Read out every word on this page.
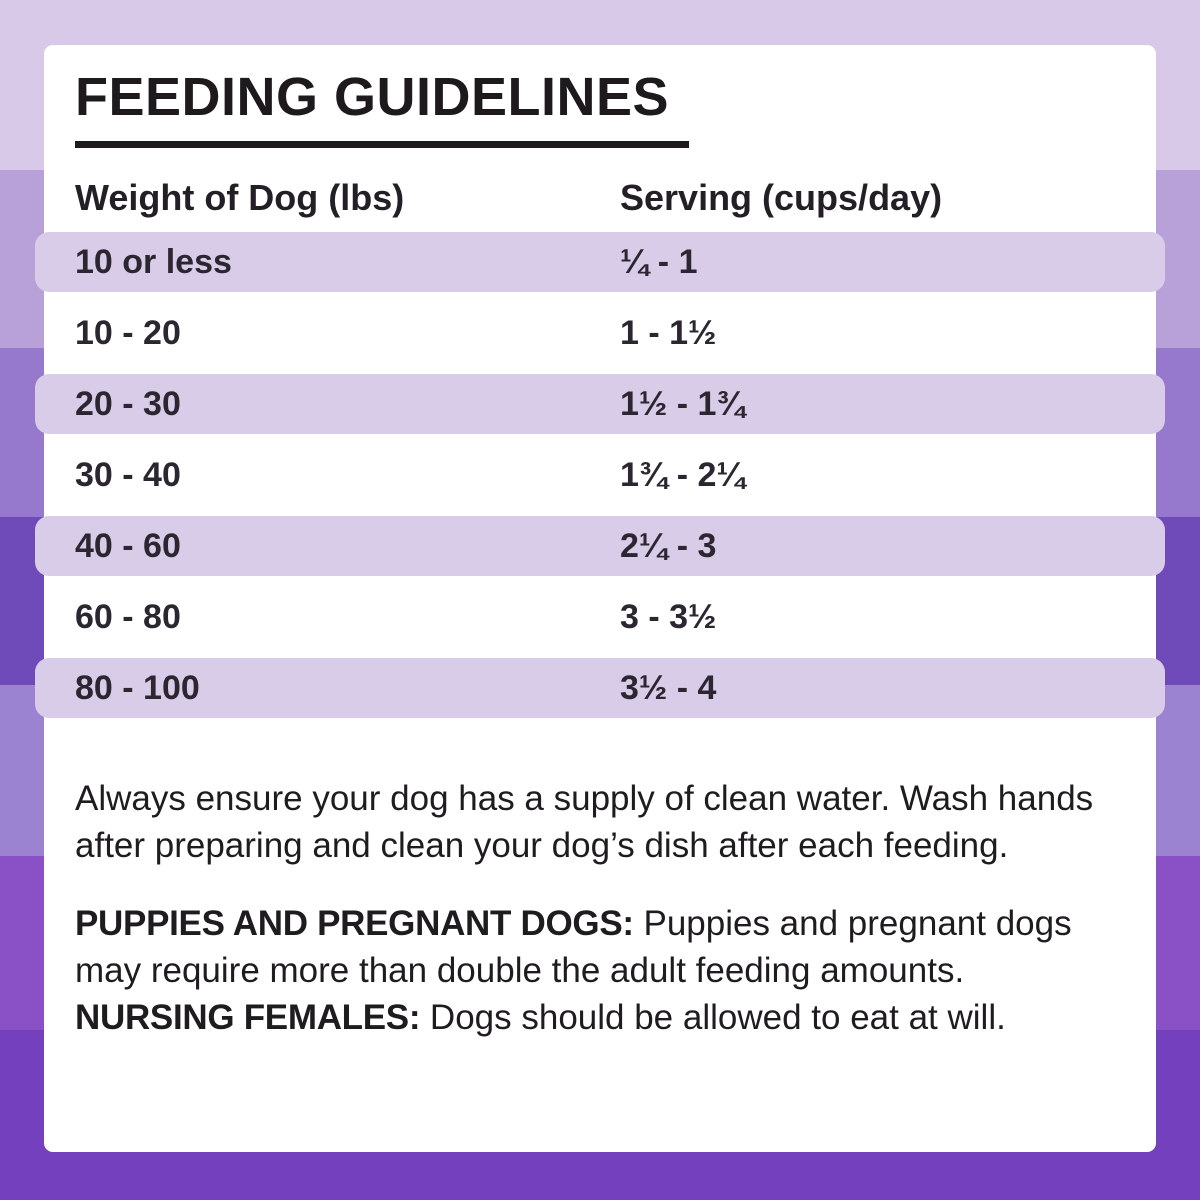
FEEDING GUIDELINES
Weight of Dog (lbs)	Serving (cups/day)
10 or less	¼ - 1
10 - 20	1 - 1½
20 - 30	1½ - 1¾
30 - 40	1¾ - 2¼
40 - 60	2¼ - 3
60 - 80	3 - 3½
80 - 100	3½ - 4

Always ensure your dog has a supply of clean water. Wash hands after preparing and clean your dog’s dish after each feeding.

PUPPIES AND PREGNANT DOGS: Puppies and pregnant dogs may require more than double the adult feeding amounts.
NURSING FEMALES: Dogs should be allowed to eat at will.
